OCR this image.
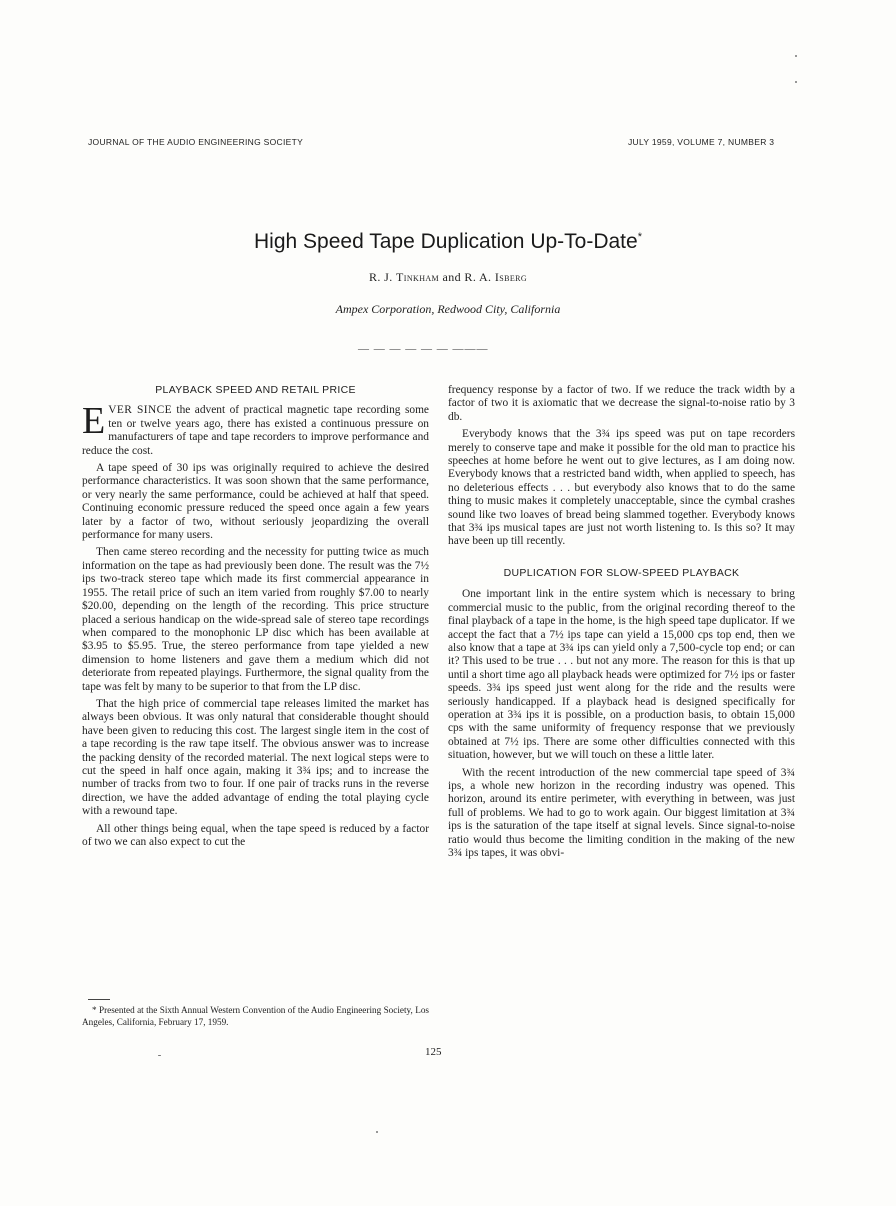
JOURNAL OF THE AUDIO ENGINEERING SOCIETY	JULY 1959, VOLUME 7, NUMBER 3
High Speed Tape Duplication Up-To-Date*
R. J. Tinkham and R. A. Isberg
Ampex Corporation, Redwood City, California
— — — — — — ———
PLAYBACK SPEED AND RETAIL PRICE

EVER SINCE the advent of practical magnetic tape recording some ten or twelve years ago, there has existed a continuous pressure on manufacturers of tape and tape recorders to improve performance and reduce the cost.

A tape speed of 30 ips was originally required to achieve the desired performance characteristics. It was soon shown that the same performance, or very nearly the same performance, could be achieved at half that speed. Continuing economic pressure reduced the speed once again a few years later by a factor of two, without seriously jeopardizing the overall performance for many users.

Then came stereo recording and the necessity for putting twice as much information on the tape as had previously been done. The result was the 7½ ips two-track stereo tape which made its first commercial appearance in 1955. The retail price of such an item varied from roughly $7.00 to nearly $20.00, depending on the length of the recording. This price structure placed a serious handicap on the wide-spread sale of stereo tape recordings when compared to the monophonic LP disc which has been available at $3.95 to $5.95. True, the stereo performance from tape yielded a new dimension to home listeners and gave them a medium which did not deteriorate from repeated playings. Furthermore, the signal quality from the tape was felt by many to be superior to that from the LP disc.

That the high price of commercial tape releases limited the market has always been obvious. It was only natural that considerable thought should have been given to reducing this cost. The largest single item in the cost of a tape recording is the raw tape itself. The obvious answer was to increase the packing density of the recorded material. The next logical steps were to cut the speed in half once again, making it 3¾ ips; and to increase the number of tracks from two to four. If one pair of tracks runs in the reverse direction, we have the added advantage of ending the total playing cycle with a rewound tape.

All other things being equal, when the tape speed is reduced by a factor of two we can also expect to cut the

frequency response by a factor of two. If we reduce the track width by a factor of two it is axiomatic that we decrease the signal-to-noise ratio by 3 db.

Everybody knows that the 3¾ ips speed was put on tape recorders merely to conserve tape and make it possible for the old man to practice his speeches at home before he went out to give lectures, as I am doing now. Everybody knows that a restricted band width, when applied to speech, has no deleterious effects . . . but everybody also knows that to do the same thing to music makes it completely unacceptable, since the cymbal crashes sound like two loaves of bread being slammed together. Everybody knows that 3¾ ips musical tapes are just not worth listening to. Is this so? It may have been up till recently.

DUPLICATION FOR SLOW-SPEED PLAYBACK

One important link in the entire system which is necessary to bring commercial music to the public, from the original recording thereof to the final playback of a tape in the home, is the high speed tape duplicator. If we accept the fact that a 7½ ips tape can yield a 15,000 cps top end, then we also know that a tape at 3¾ ips can yield only a 7,500-cycle top end; or can it? This used to be true . . . but not any more. The reason for this is that up until a short time ago all playback heads were optimized for 7½ ips or faster speeds. 3¾ ips speed just went along for the ride and the results were seriously handicapped. If a playback head is designed specifically for operation at 3¾ ips it is possible, on a production basis, to obtain 15,000 cps with the same uniformity of frequency response that we previously obtained at 7½ ips. There are some other difficulties connected with this situation, however, but we will touch on these a little later.

With the recent introduction of the new commercial tape speed of 3¾ ips, a whole new horizon in the recording industry was opened. This horizon, around its entire perimeter, with everything in between, was just full of problems. We had to go to work again. Our biggest limitation at 3¾ ips is the saturation of the tape itself at signal levels. Since signal-to-noise ratio would thus become the limiting condition in the making of the new 3¾ ips tapes, it was obvi-

* Presented at the Sixth Annual Western Convention of the Audio Engineering Society, Los Angeles, California, February 17, 1959.
125
